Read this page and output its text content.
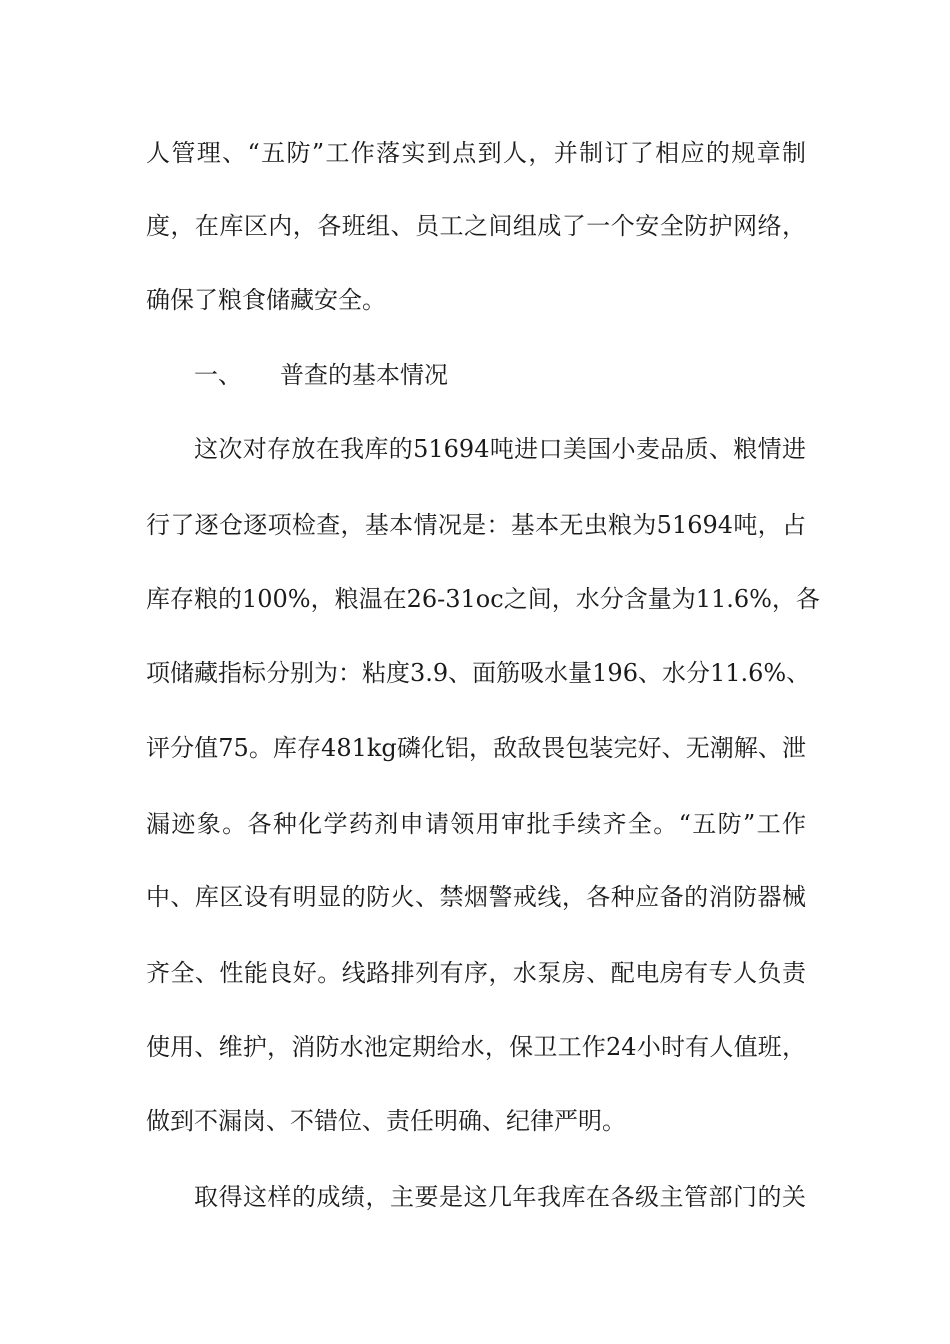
人管理、“五防”工作落实到点到人，并制订了相应的规章制
度，在库区内，各班组、员工之间组成了一个安全防护网络，
确保了粮食储藏安全。
一、 普查的基本情况
这次对存放在我库的51694吨进口美国小麦品质、粮情进
行了逐仓逐项检查，基本情况是：基本无虫粮为51694吨，占
库存粮的100%，粮温在26-31oc之间，水分含量为11.6%，各
项储藏指标分别为：粘度3.9、面筋吸水量196、水分11.6%、
评分值75。库存481kg磷化铝，敌敌畏包装完好、无潮解、泄
漏迹象。各种化学药剂申请领用审批手续齐全。“五防”工作
中、库区设有明显的防火、禁烟警戒线，各种应备的消防器械
齐全、性能良好。线路排列有序，水泵房、配电房有专人负责
使用、维护，消防水池定期给水，保卫工作24小时有人值班，
做到不漏岗、不错位、责任明确、纪律严明。
取得这样的成绩，主要是这几年我库在各级主管部门的关
